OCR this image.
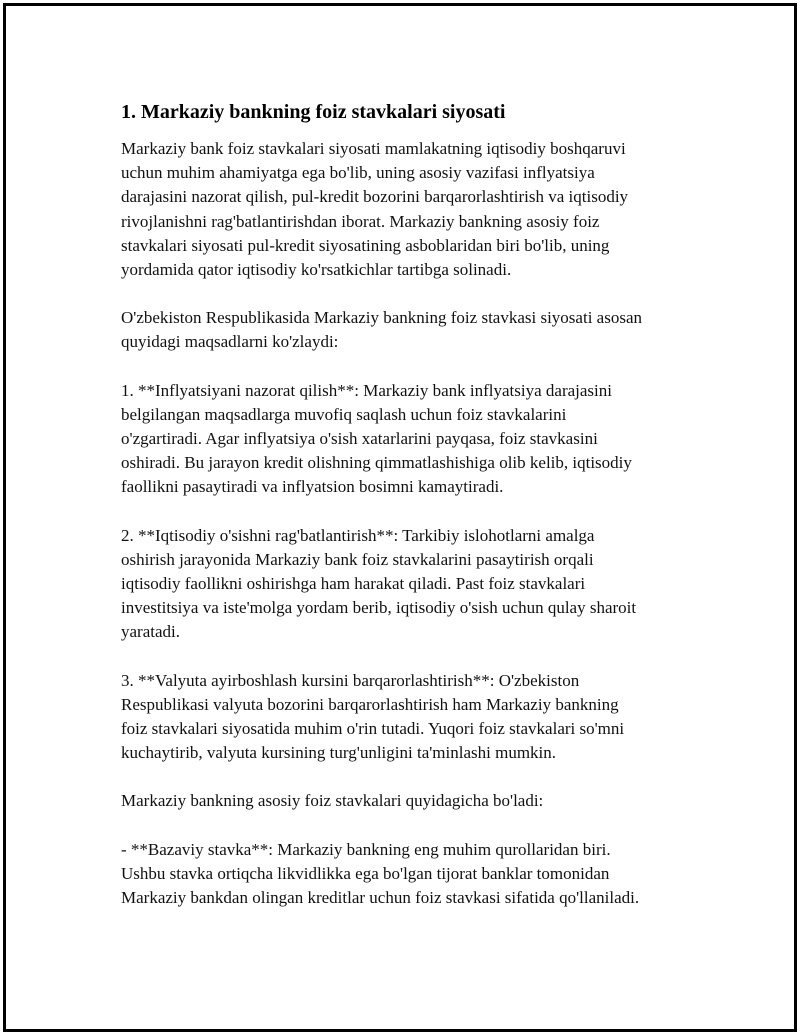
1. Markaziy bankning foiz stavkalari siyosati

Markaziy bank foiz stavkalari siyosati mamlakatning iqtisodiy boshqaruvi
uchun muhim ahamiyatga ega bo'lib, uning asosiy vazifasi inflyatsiya
darajasini nazorat qilish, pul-kredit bozorini barqarorlashtirish va iqtisodiy
rivojlanishni rag'batlantirishdan iborat. Markaziy bankning asosiy foiz
stavkalari siyosati pul-kredit siyosatining asboblaridan biri bo'lib, uning
yordamida qator iqtisodiy ko'rsatkichlar tartibga solinadi.

O'zbekiston Respublikasida Markaziy bankning foiz stavkasi siyosati asosan
quyidagi maqsadlarni ko'zlaydi:

1. **Inflyatsiyani nazorat qilish**: Markaziy bank inflyatsiya darajasini
belgilangan maqsadlarga muvofiq saqlash uchun foiz stavkalarini
o'zgartiradi. Agar inflyatsiya o'sish xatarlarini payqasa, foiz stavkasini
oshiradi. Bu jarayon kredit olishning qimmatlashishiga olib kelib, iqtisodiy
faollikni pasaytiradi va inflyatsion bosimni kamaytiradi.

2. **Iqtisodiy o'sishni rag'batlantirish**: Tarkibiy islohotlarni amalga
oshirish jarayonida Markaziy bank foiz stavkalarini pasaytirish orqali
iqtisodiy faollikni oshirishga ham harakat qiladi. Past foiz stavkalari
investitsiya va iste'molga yordam berib, iqtisodiy o'sish uchun qulay sharoit
yaratadi.

3. **Valyuta ayirboshlash kursini barqarorlashtirish**: O'zbekiston
Respublikasi valyuta bozorini barqarorlashtirish ham Markaziy bankning
foiz stavkalari siyosatida muhim o'rin tutadi. Yuqori foiz stavkalari so'mni
kuchaytirib, valyuta kursining turg'unligini ta'minlashi mumkin.

Markaziy bankning asosiy foiz stavkalari quyidagicha bo'ladi:

- **Bazaviy stavka**: Markaziy bankning eng muhim qurollaridan biri.
Ushbu stavka ortiqcha likvidlikka ega bo'lgan tijorat banklar tomonidan
Markaziy bankdan olingan kreditlar uchun foiz stavkasi sifatida qo'llaniladi.
